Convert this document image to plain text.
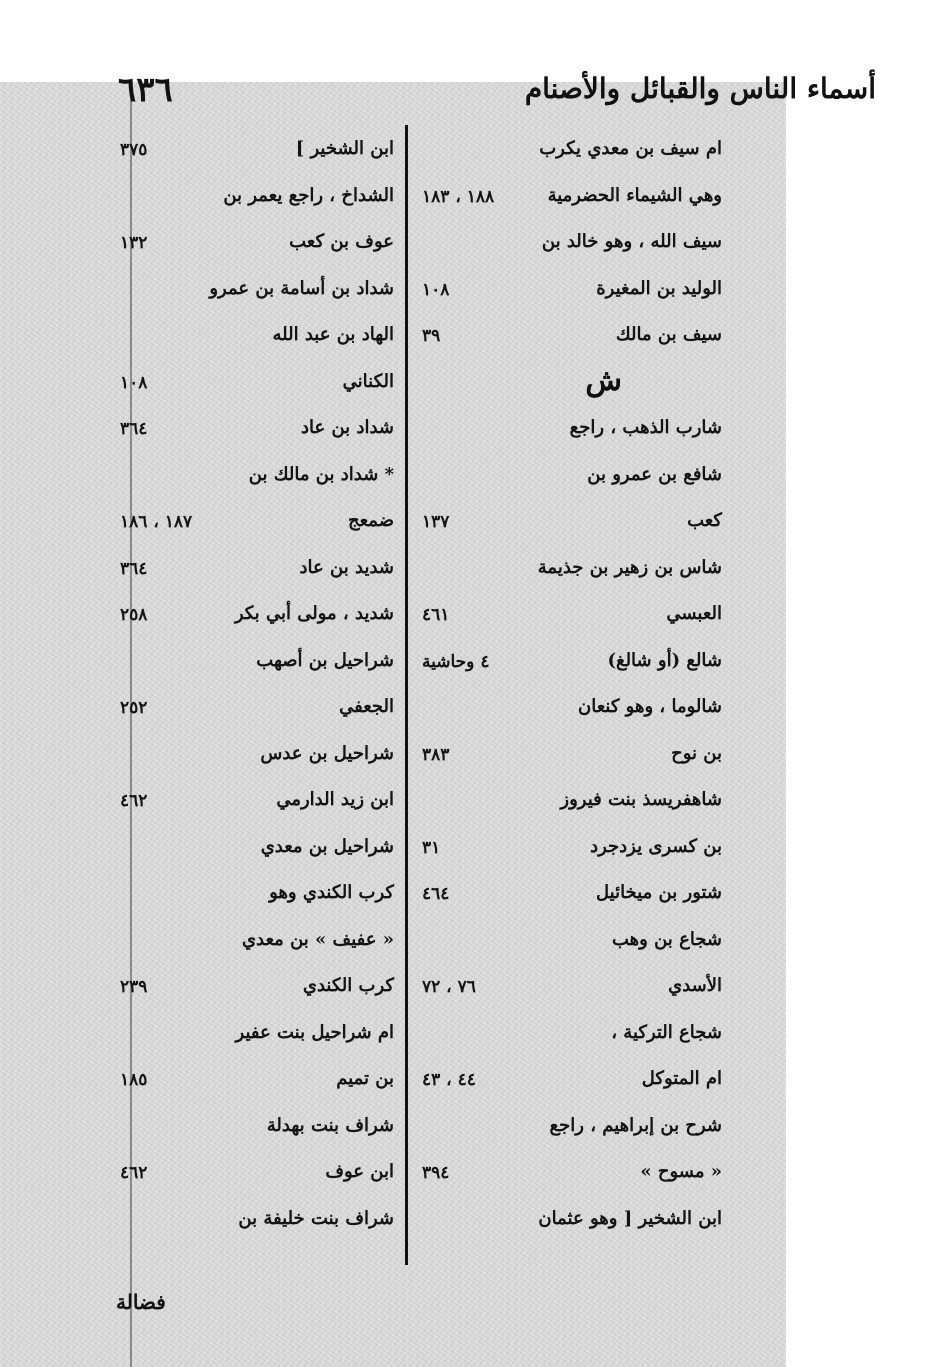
٦٣٦	أسماء الناس والقبائل والأصنام
ام سيف بن معدي يكرب
وهي الشيماء الحضرمية
١٨٨ ، ١٨٣
سيف الله ، وهو خالد بن
الوليد بن المغيرة
١٠٨
سيف بن مالك
٣٩
ش
شارب الذهب ، راجع
شافع بن عمرو بن
كعب
١٣٧
شاس بن زهير بن جذيمة
العبسي
٤٦١
شالع (أو شالغ)
٤ وحاشية
شالوما ، وهو كنعان
بن نوح
٣٨٣
شاهفريسذ بنت فيروز
بن كسرى يزدجرد
٣١
شتور بن ميخائيل
٤٦٤
شجاع بن وهب
الأسدي
٧٦ ، ٧٢
شجاع التركية ،
ام المتوكل
٤٤ ، ٤٣
شرح بن إبراهيم ، راجع
« مسوح »
٣٩٤
ابن الشخير [ وهو عثمان
ابن الشخير ]
٣٧٥
الشداخ ، راجع يعمر بن
عوف بن كعب
١٣٢
شداد بن أسامة بن عمرو
الهاد بن عبد الله
الكناني
١٠٨
شداد بن عاد
٣٦٤
* شداد بن مالك بن
ضمعج
١٨٧ ، ١٨٦
شديد بن عاد
٣٦٤
شديد ، مولى أبي بكر
٢٥٨
شراحيل بن أصهب
الجعفي
٢٥٢
شراحيل بن عدس
ابن زيد الدارمي
٤٦٢
شراحيل بن معدي
كرب الكندي وهو
« عفيف » بن معدي
كرب الكندي
٢٣٩
ام شراحيل بنت عفير
بن تميم
١٨٥
شراف بنت بهدلة
ابن عوف
٤٦٢
شراف بنت خليفة بن
فضالة
